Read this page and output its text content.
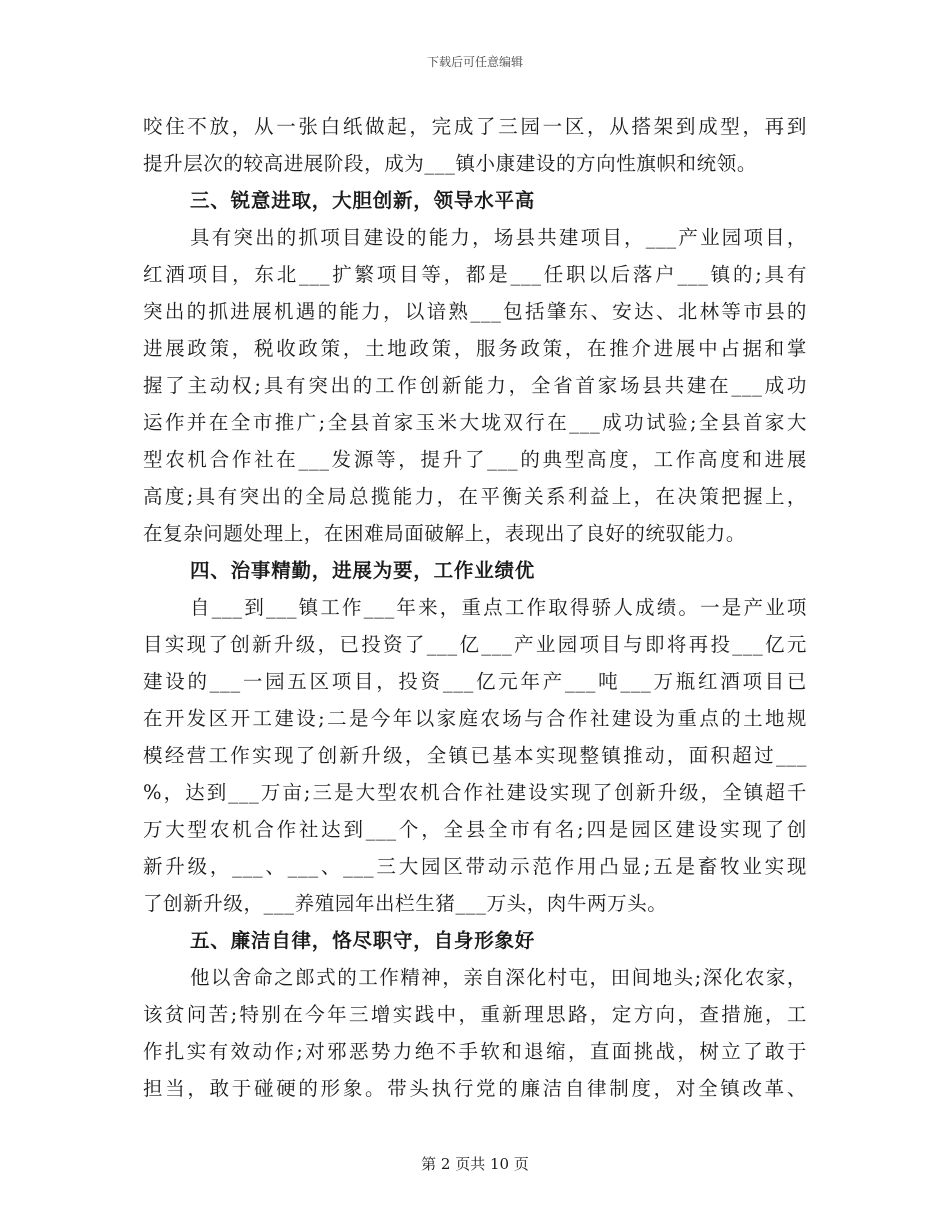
下载后可任意编辑
咬住不放，从一张白纸做起，完成了三园一区，从搭架到成型，再到
提升层次的较高进展阶段，成为___镇小康建设的方向性旗帜和统领。
三、锐意进取，大胆创新，领导水平高
具有突出的抓项目建设的能力，场县共建项目，___产业园项目，
红酒项目，东北___扩繁项目等，都是___任职以后落户___镇的;具有
突出的抓进展机遇的能力，以谙熟___包括肇东、安达、北林等市县的
进展政策，税收政策，土地政策，服务政策，在推介进展中占据和掌
握了主动权;具有突出的工作创新能力，全省首家场县共建在___成功
运作并在全市推广;全县首家玉米大垅双行在___成功试验;全县首家大
型农机合作社在___发源等，提升了___的典型高度，工作高度和进展
高度;具有突出的全局总揽能力，在平衡关系利益上，在决策把握上，
在复杂问题处理上，在困难局面破解上，表现出了良好的统驭能力。
四、治事精勤，进展为要，工作业绩优
自___到___镇工作___年来，重点工作取得骄人成绩。一是产业项
目实现了创新升级，已投资了___亿___产业园项目与即将再投___亿元
建设的___一园五区项目，投资___亿元年产___吨___万瓶红酒项目已
在开发区开工建设;二是今年以家庭农场与合作社建设为重点的土地规
模经营工作实现了创新升级，全镇已基本实现整镇推动，面积超过___
%，达到___万亩;三是大型农机合作社建设实现了创新升级，全镇超千
万大型农机合作社达到___个，全县全市有名;四是园区建设实现了创
新升级，___、___、___三大园区带动示范作用凸显;五是畜牧业实现
了创新升级，___养殖园年出栏生猪___万头，肉牛两万头。
五、廉洁自律，恪尽职守，自身形象好
他以舍命之郎式的工作精神，亲自深化村屯，田间地头;深化农家，
该贫问苦;特别在今年三增实践中，重新理思路，定方向，查措施，工
作扎实有效动作;对邪恶势力绝不手软和退缩，直面挑战，树立了敢于
担当，敢于碰硬的形象。带头执行党的廉洁自律制度，对全镇改革、
第 2 页共 10 页
